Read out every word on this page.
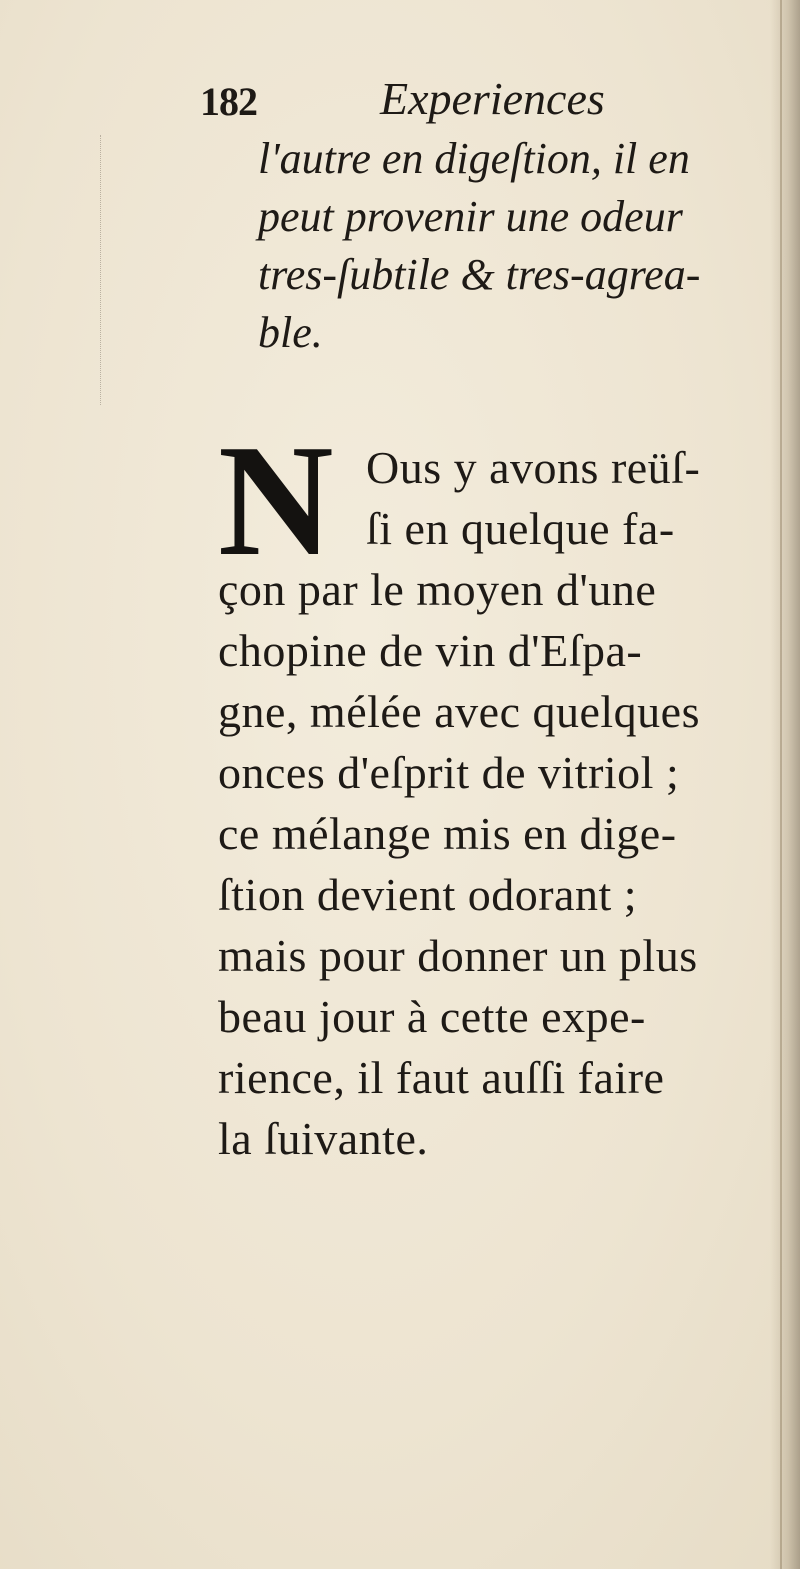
182	Experiences
l'autre en digeſtion, il en
peut provenir une odeur
tres-ſubtile & tres-agrea-
ble.
N Ous y avons reüſ-
ſi en quelque fa-
çon par le moyen d'une
chopine de vin d'Eſpa-
gne, mélée avec quelques
onces d'eſprit de vitriol ;
ce mélange mis en dige-
ſtion devient odorant ;
mais pour donner un plus
beau jour à cette expe-
rience, il faut auſſi faire
la ſuivante.
